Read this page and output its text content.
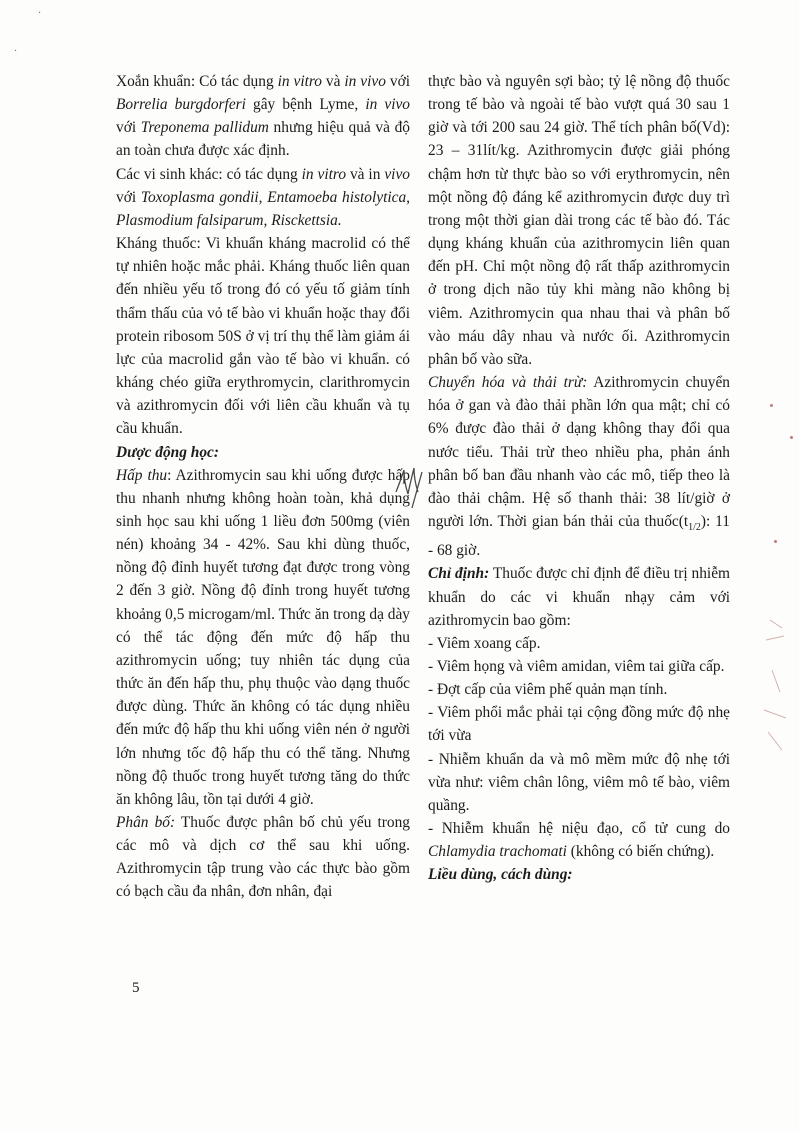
·
·

Xoắn khuẩn: Có tác dụng in vitro và in vivo với Borrelia burgdorferi gây bệnh Lyme, in vivo với Treponema pallidum nhưng hiệu quả và độ an toàn chưa được xác định.

Các vi sinh khác: có tác dụng in vitro và in vivo với Toxoplasma gondii, Entamoeba histolytica, Plasmodium falsiparum, Risckettsia.

Kháng thuốc: Vi khuẩn kháng macrolid có thể tự nhiên hoặc mắc phải. Kháng thuốc liên quan đến nhiều yếu tố trong đó có yếu tố giảm tính thẩm thấu của vỏ tế bào vi khuẩn hoặc thay đổi protein ribosom 50S ở vị trí thụ thể làm giảm ái lực của macrolid gắn vào tế bào vi khuẩn. có kháng chéo giữa erythromycin, clarithromycin và azithromycin đối với liên cầu khuẩn và tụ cầu khuẩn.

Dược động học:

Hấp thu: Azithromycin sau khi uống được hấp thu nhanh nhưng không hoàn toàn, khả dụng sinh học sau khi uống 1 liều đơn 500mg (viên nén) khoảng 34 - 42%. Sau khi dùng thuốc, nồng độ đỉnh huyết tương đạt được trong vòng 2 đến 3 giờ. Nồng độ đỉnh trong huyết tương khoảng 0,5 microgam/ml. Thức ăn trong dạ dày có thể tác động đến mức độ hấp thu azithromycin uống; tuy nhiên tác dụng của thức ăn đến hấp thu, phụ thuộc vào dạng thuốc được dùng. Thức ăn không có tác dụng nhiều đến mức độ hấp thu khi uống viên nén ở người lớn nhưng tốc độ hấp thu có thể tăng. Nhưng nồng độ thuốc trong huyết tương tăng do thức ăn không lâu, tồn tại dưới 4 giờ.

Phân bố: Thuốc được phân bố chủ yếu trong các mô và dịch cơ thể sau khi uống. Azithromycin tập trung vào các thực bào gồm có bạch cầu đa nhân, đơn nhân, đại

thực bào và nguyên sợi bào; tỷ lệ nồng độ thuốc trong tế bào và ngoài tế bào vượt quá 30 sau 1 giờ và tới 200 sau 24 giờ. Thể tích phân bố(Vd): 23 – 31lít/kg. Azithromycin được giải phóng chậm hơn từ thực bào so với erythromycin, nên một nồng độ đáng kể azithromycin được duy trì trong một thời gian dài trong các tế bào đó. Tác dụng kháng khuẩn của azithromycin liên quan đến pH. Chỉ một nồng độ rất thấp azithromycin ở trong dịch não tủy khi màng não không bị viêm. Azithromycin qua nhau thai và phân bố vào máu dây nhau và nước ối. Azithromycin phân bố vào sữa.

Chuyển hóa và thải trừ: Azithromycin chuyển hóa ở gan và đào thải phần lớn qua mật; chỉ có 6% được đào thải ở dạng không thay đổi qua nước tiểu. Thải trừ theo nhiều pha, phản ánh phân bố ban đầu nhanh vào các mô, tiếp theo là đào thải chậm. Hệ số thanh thải: 38 lít/giờ ở người lớn. Thời gian bán thải của $thuốc(t_{1/2})$: 11 - 68 giờ.

Chỉ định: Thuốc được chỉ định để điều trị nhiễm khuẩn do các vi khuẩn nhạy cảm với azithromycin bao gồm:

- Viêm xoang cấp.

- Viêm họng và viêm amidan, viêm tai giữa cấp.

- Đợt cấp của viêm phế quản mạn tính.

- Viêm phổi mắc phải tại cộng đồng mức độ nhẹ tới vừa

- Nhiễm khuẩn da và mô mềm mức độ nhẹ tới vừa như: viêm chân lông, viêm mô tế bào, viêm quầng.

- Nhiễm khuẩn hệ niệu đạo, cổ tử cung do Chlamydia trachomati (không có biến chứng).

Liều dùng, cách dùng:

5
